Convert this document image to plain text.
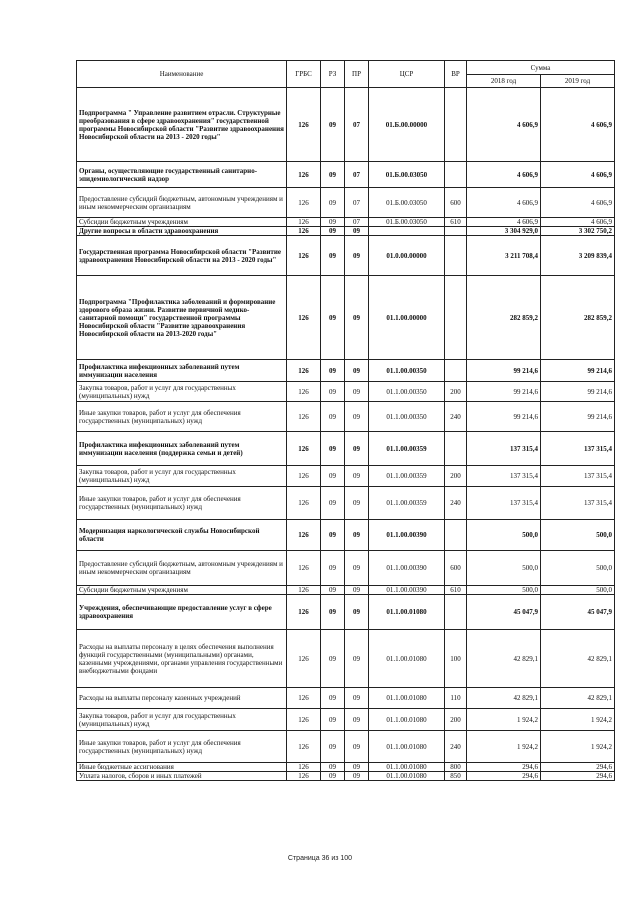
Наименование	ГРБС	РЗ	ПР	ЦСР	ВР	Сумма	
						2018 год	2019 год
Подпрограмма " Управление развитием отрасли. Структурные преобразования в сфере здравоохранения" государственной программы Новосибирской области "Развитие здравоохранения Новосибирской области на 2013 - 2020 годы"	126	09	07	01.Б.00.00000		4 606,9	4 606,9
Органы, осуществляющие государственный санитарно-эпидемиологический надзор	126	09	07	01.Б.00.03050		4 606,9	4 606,9
Предоставление субсидий бюджетным, автономным учреждениям и иным некоммерческим организациям	126	09	07	01.Б.00.03050	600	4 606,9	4 606,9
Субсидии бюджетным учреждениям	126	09	07	01.Б.00.03050	610	4 606,9	4 606,9
Другие вопросы в области здравоохранения	126	09	09			3 304 929,0	3 302 750,2
Государственная программа Новосибирской области "Развитие здравоохранения Новосибирской области на 2013 - 2020 годы"	126	09	09	01.0.00.00000		3 211 708,4	3 209 839,4
Подпрограмма "Профилактика заболеваний и формирование здорового образа жизни. Развитие первичной медико-санитарной помощи" государственной программы Новосибирской области "Развитие здравоохранения Новосибирской области на 2013-2020 годы"	126	09	09	01.1.00.00000		282 859,2	282 859,2
Профилактика инфекционных заболеваний путем иммунизации населения	126	09	09	01.1.00.00350		99 214,6	99 214,6
Закупка товаров, работ и услуг для государственных (муниципальных) нужд	126	09	09	01.1.00.00350	200	99 214,6	99 214,6
Иные закупки товаров, работ и услуг для обеспечения государственных (муниципальных) нужд	126	09	09	01.1.00.00350	240	99 214,6	99 214,6
Профилактика инфекционных заболеваний путем иммунизации населения (поддержка семьи и детей)	126	09	09	01.1.00.00359		137 315,4	137 315,4
Закупка товаров, работ и услуг для государственных (муниципальных) нужд	126	09	09	01.1.00.00359	200	137 315,4	137 315,4
Иные закупки товаров, работ и услуг для обеспечения государственных (муниципальных) нужд	126	09	09	01.1.00.00359	240	137 315,4	137 315,4
Модернизация наркологической службы Новосибирской области	126	09	09	01.1.00.00390		500,0	500,0
Предоставление субсидий бюджетным, автономным учреждениям и иным некоммерческим организациям	126	09	09	01.1.00.00390	600	500,0	500,0
Субсидии бюджетным учреждениям	126	09	09	01.1.00.00390	610	500,0	500,0
Учреждения, обеспечивающие предоставление услуг в сфере здравоохранения	126	09	09	01.1.00.01080		45 047,9	45 047,9
Расходы на выплаты персоналу в целях обеспечения выполнения функций государственными (муниципальными) органами, казенными учреждениями, органами управления государственными внебюджетными фондами	126	09	09	01.1.00.01080	100	42 829,1	42 829,1
Расходы на выплаты персоналу казенных учреждений	126	09	09	01.1.00.01080	110	42 829,1	42 829,1
Закупка товаров, работ и услуг для государственных (муниципальных) нужд	126	09	09	01.1.00.01080	200	1 924,2	1 924,2
Иные закупки товаров, работ и услуг для обеспечения государственных (муниципальных) нужд	126	09	09	01.1.00.01080	240	1 924,2	1 924,2
Иные бюджетные ассигнования	126	09	09	01.1.00.01080	800	294,6	294,6
Уплата налогов, сборов и иных платежей	126	09	09	01.1.00.01080	850	294,6	294,6
Страница 36 из 100
